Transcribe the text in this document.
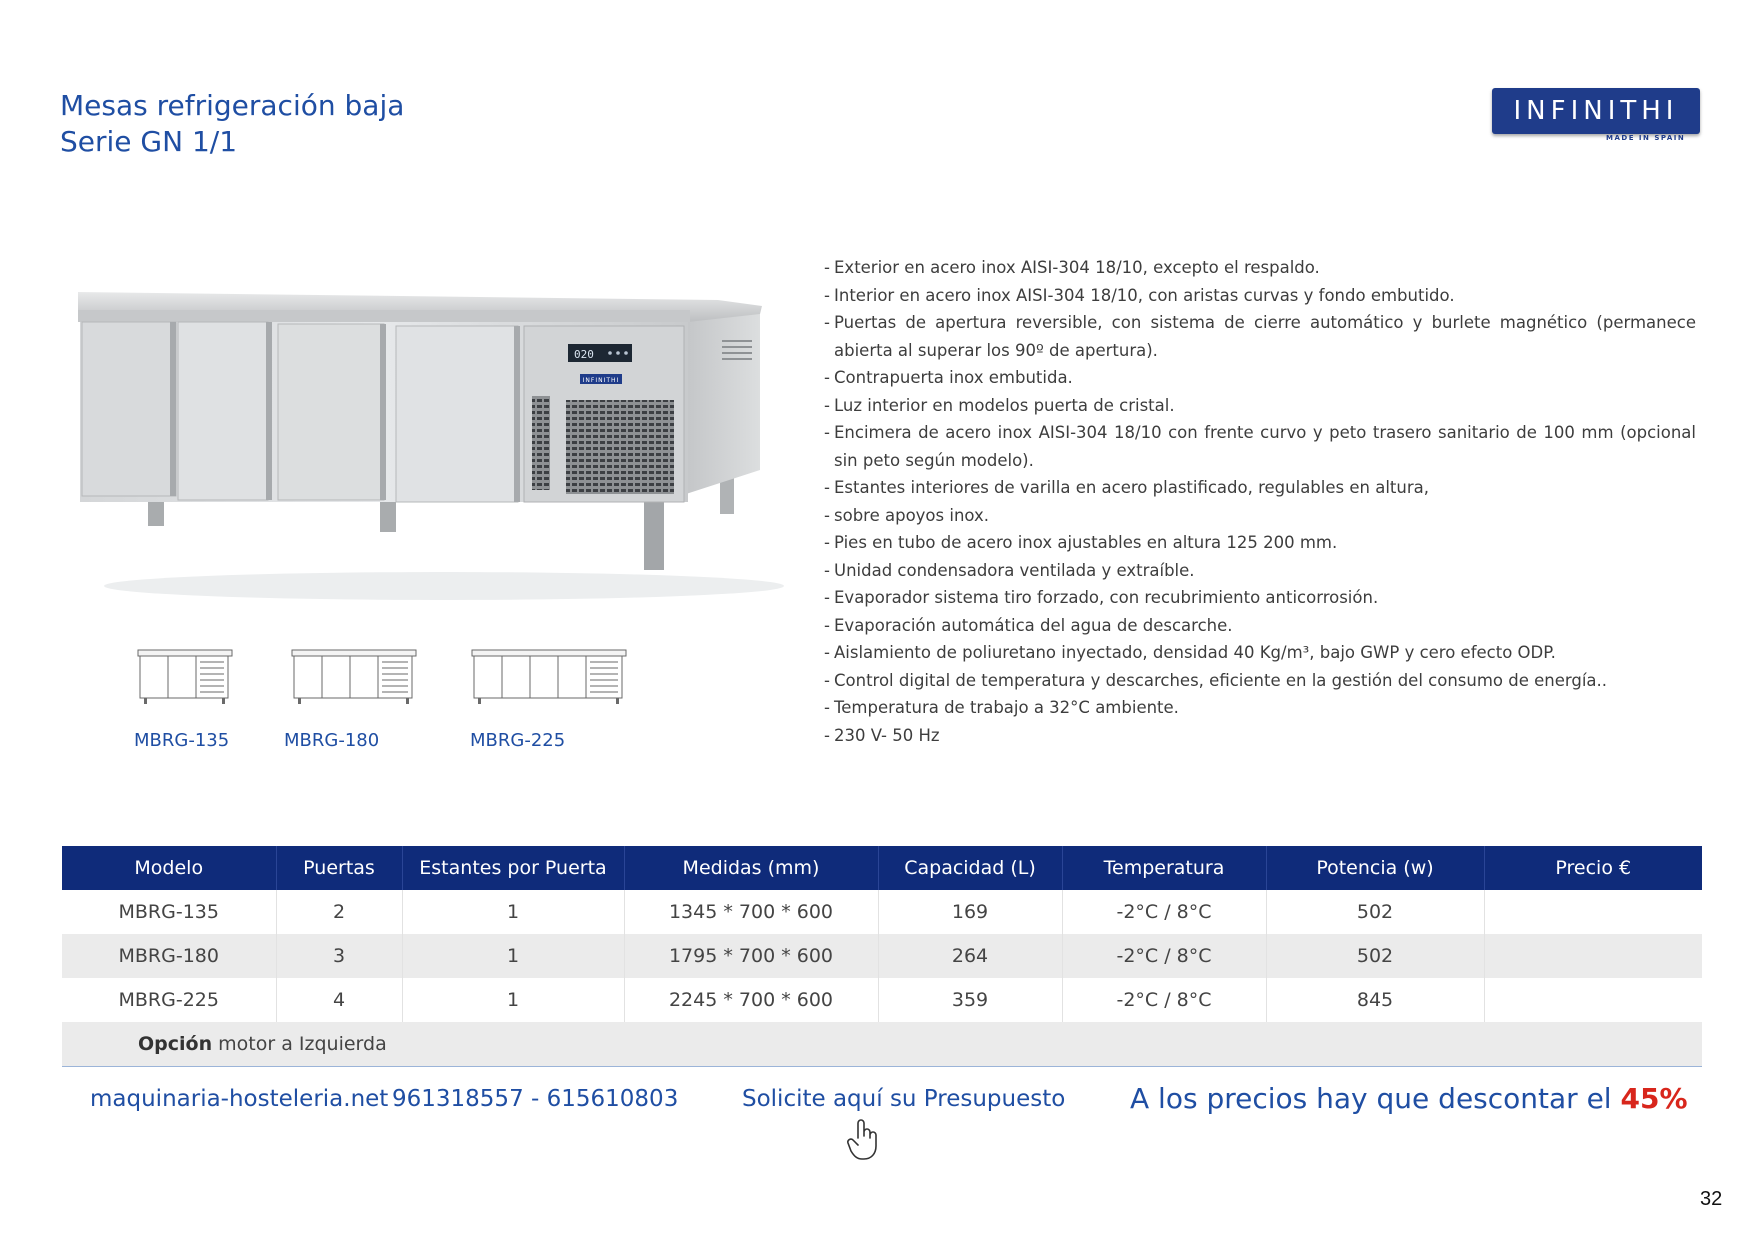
Mesas refrigeración baja
Serie GN 1/1
INFINITHI
MADE IN SPAIN
020
INFINITHI
MBRG-135	MBRG-180	MBRG-225
- Exterior en acero inox AISI-304 18/10, excepto el respaldo.
- Interior en acero inox AISI-304 18/10, con aristas curvas y fondo embutido.
- Puertas de apertura reversible, con sistema de cierre automático y burlete magnético (permanece abierta al superar los 90º de apertura).
- Contrapuerta inox embutida.
- Luz interior en modelos puerta de cristal.
- Encimera de acero inox AISI-304 18/10 con frente curvo y peto trasero sanitario de 100 mm (opcional sin peto según modelo).
- Estantes interiores de varilla en acero plastificado, regulables en altura,
- sobre apoyos inox.
- Pies en tubo de acero inox ajustables en altura 125 200 mm.
- Unidad condensadora ventilada y extraíble.
- Evaporador sistema tiro forzado, con recubrimiento anticorrosión.
- Evaporación automática del agua de descarche.
- Aislamiento de poliuretano inyectado, densidad 40 Kg/m³, bajo GWP y cero efecto ODP.
- Control digital de temperatura y descarches, eficiente en la gestión del consumo de energía..
- Temperatura de trabajo a 32°C ambiente.
- 230 V- 50 Hz
Modelo	Puertas	Estantes por Puerta	Medidas (mm)	Capacidad (L)	Temperatura	Potencia (w)	Precio €
MBRG-135	2	1	1345 * 700 * 600	169	-2°C / 8°C	502	
MBRG-180	3	1	1795 * 700 * 600	264	-2°C / 8°C	502	
MBRG-225	4	1	2245 * 700 * 600	359	-2°C / 8°C	845	
Opción motor a Izquierda							
maquinaria-hosteleria.net 961318557 - 615610803	Solicite aquí su Presupuesto A los precios hay que descontar el 45%
32
